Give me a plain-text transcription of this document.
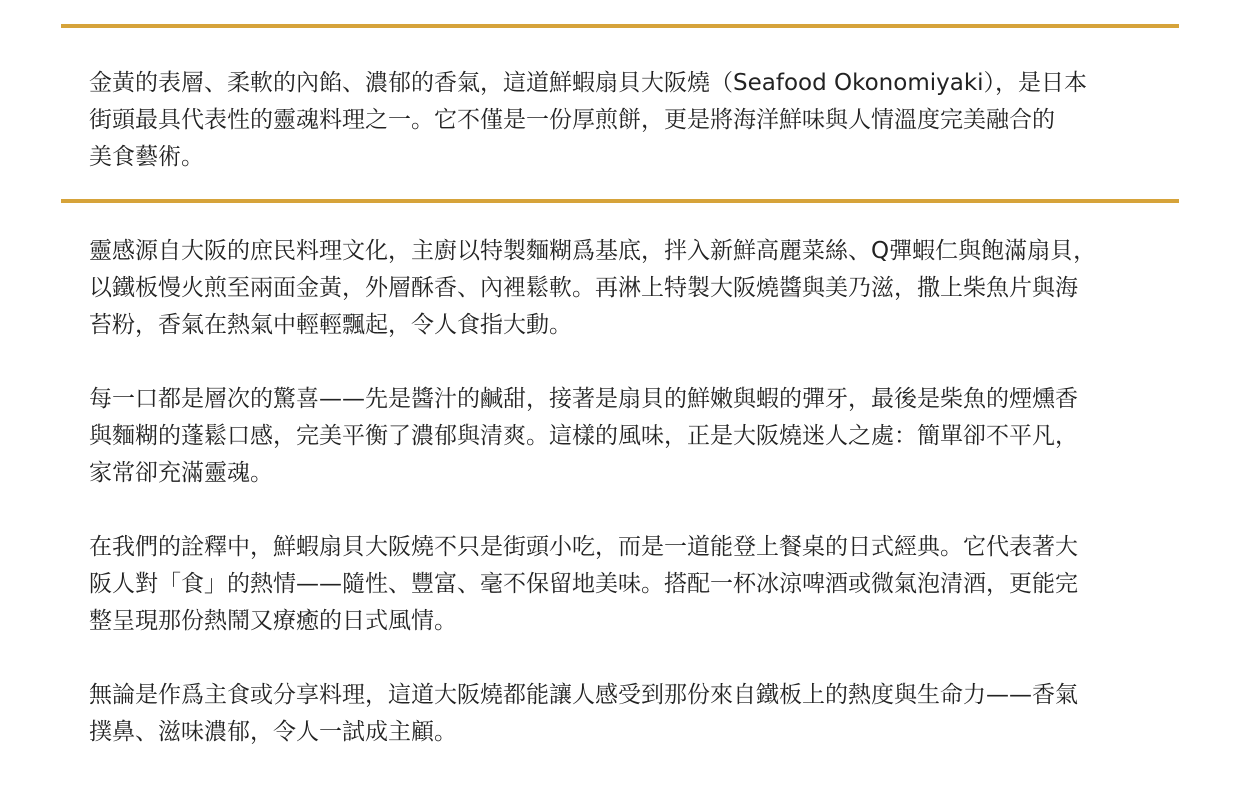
金黃的表層、柔軟的內餡、濃郁的香氣，這道鮮蝦扇貝大阪燒（Seafood Okonomiyaki），是日本
街頭最具代表性的靈魂料理之一。它不僅是一份厚煎餅，更是將海洋鮮味與人情溫度完美融合的
美食藝術。

靈感源自大阪的庶民料理文化，主廚以特製麵糊爲基底，拌入新鮮高麗菜絲、Q彈蝦仁與飽滿扇貝，
以鐵板慢火煎至兩面金黃，外層酥香、內裡鬆軟。再淋上特製大阪燒醬與美乃滋，撒上柴魚片與海
苔粉，香氣在熱氣中輕輕飄起，令人食指大動。

每一口都是層次的驚喜——先是醬汁的鹹甜，接著是扇貝的鮮嫩與蝦的彈牙，最後是柴魚的煙燻香
與麵糊的蓬鬆口感，完美平衡了濃郁與清爽。這樣的風味，正是大阪燒迷人之處：簡單卻不平凡，
家常卻充滿靈魂。

在我們的詮釋中，鮮蝦扇貝大阪燒不只是街頭小吃，而是一道能登上餐桌的日式經典。它代表著大
阪人對「食」的熱情——隨性、豐富、毫不保留地美味。搭配一杯冰涼啤酒或微氣泡清酒，更能完
整呈現那份熱鬧又療癒的日式風情。

無論是作爲主食或分享料理，這道大阪燒都能讓人感受到那份來自鐵板上的熱度與生命力——香氣
撲鼻、滋味濃郁，令人一試成主顧。
